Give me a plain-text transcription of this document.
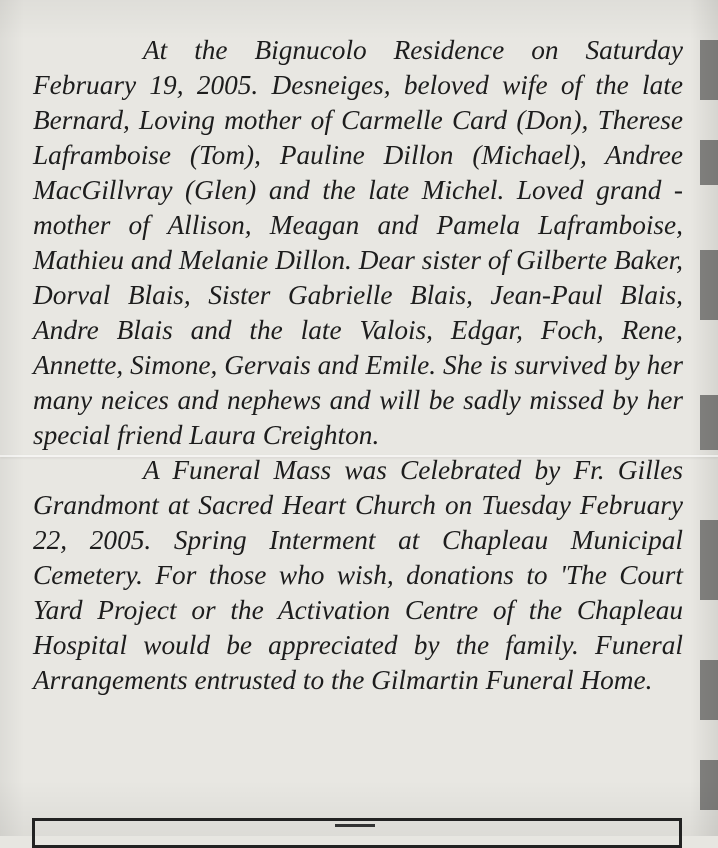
At the Bignucolo Residence on Saturday February 19, 2005. Desneiges, beloved wife of the late Bernard, Loving mother of Carmelle Card (Don), Therese Laframboise (Tom), Pauline Dillon (Michael), Andree MacGillvray (Glen) and the late Michel. Loved grand -mother of Allison, Meagan and Pamela Laframboise, Mathieu and Melanie Dillon. Dear sister of Gilberte Baker, Dorval Blais, Sister Gabrielle Blais, Jean-Paul Blais, Andre Blais and the late Valois, Edgar, Foch, Rene, Annette, Simone, Gervais and Emile. She is survived by her many neices and nephews and will be sadly missed by her special friend Laura Creighton.

A Funeral Mass was Celebrated by Fr. Gilles Grandmont at Sacred Heart Church on Tuesday February 22, 2005. Spring Interment at Chapleau Municipal Cemetery. For those who wish, donations to 'The Court Yard Project or the Activation Centre of the Chapleau Hospital would be appreciated by the family. Funeral Arrangements entrusted to the Gilmartin Funeral Home.
